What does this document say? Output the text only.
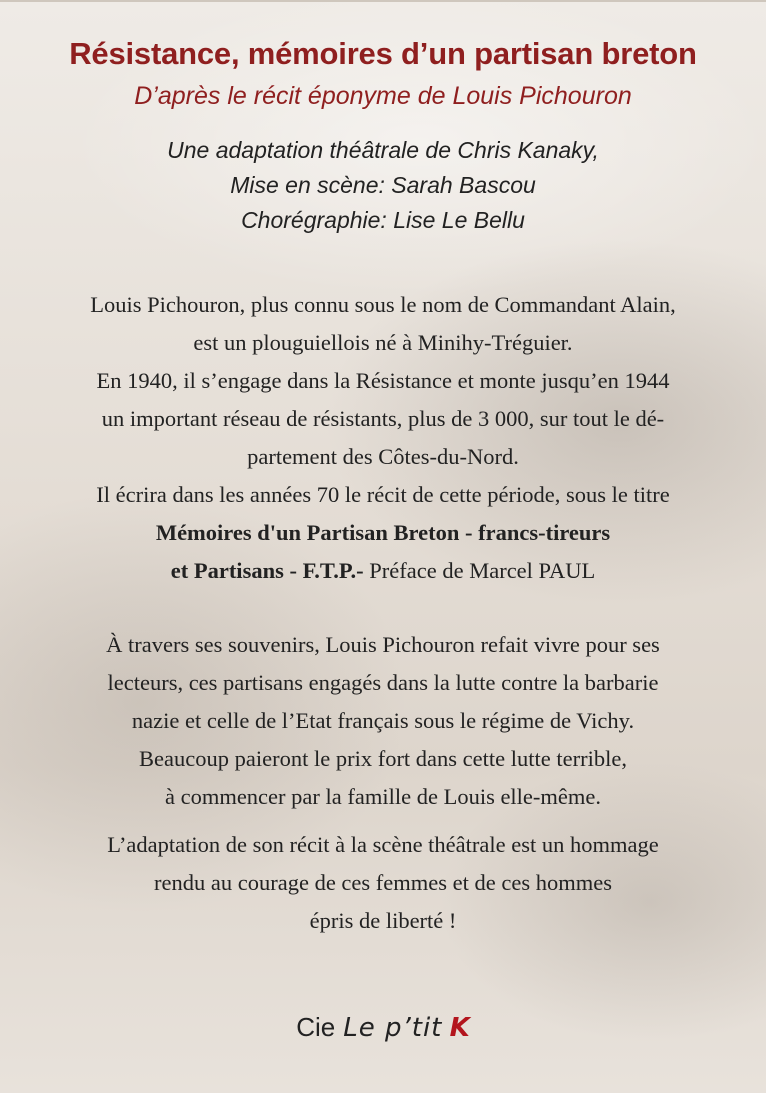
Résistance, mémoires d’un partisan breton
D’après le récit éponyme de Louis Pichouron
Une adaptation théâtrale de Chris Kanaky,
Mise en scène: Sarah Bascou
Chorégraphie: Lise Le Bellu
Louis Pichouron, plus connu sous le nom de Commandant Alain,
est un plouguiellois né à Minihy-Tréguier.
En 1940, il s’engage dans la Résistance et monte jusqu’en 1944
un important réseau de résistants, plus de 3 000, sur tout le dé-
partement des Côtes-du-Nord.
Il écrira dans les années 70 le récit de cette période, sous le titre
Mémoires d'un Partisan Breton - francs-tireurs
et Partisans - F.T.P.- Préface de Marcel PAUL
À travers ses souvenirs, Louis Pichouron refait vivre pour ses
lecteurs, ces partisans engagés dans la lutte contre la barbarie
nazie et celle de l’Etat français sous le régime de Vichy.
Beaucoup paieront le prix fort dans cette lutte terrible,
à commencer par la famille de Louis elle-même.
L’adaptation de son récit à la scène théâtrale est un hommage
rendu au courage de ces femmes et de ces hommes
épris de liberté !
Cie Le p’tit K
